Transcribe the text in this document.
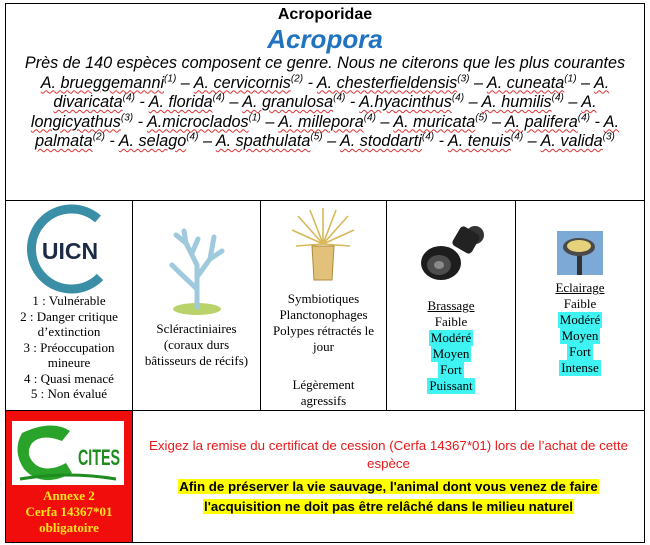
Acroporidae
Acropora
Près de 140 espèces composent ce genre. Nous ne citerons que les plus courantes
A. brueggemanni$^{(1)}$ – A. cervicornis$^{(2)}$ - A. chesterfieldensis$^{(3)}$ – A. cuneata$^{(1)}$ – A. divaricata$^{(4)}$ - A. florida$^{(4)}$ – A. granulosa$^{(4)}$ - A.hyacinthus$^{(4)}$ – A. humilis$^{(4)}$ – A. longicyathus$^{(3)}$ - A.microclados$^{(1)}$ – A. millepora$^{(4)}$ – A. muricata$^{(5)}$ – A. palifera$^{(4)}$ - A. palmata$^{(2)}$ - A. selago$^{(4)}$ – A. spathulata$^{(5)}$ – A. stoddarti$^{(4)}$ - A. tenuis$^{(4)}$ – A. valida$^{(3)}$
UICN
1 : Vulnérable
2 : Danger critique d’extinction
3 : Préoccupation mineure
4 : Quasi menacé
5 : Non évalué
Scléractiniaires (coraux durs bâtisseurs de récifs)
Symbiotiques
Planctonophages
Polypes rétractés le jour
Légèrement agressifs
Brassage
Faible
Modéré
Moyen
Fort
Puissant
Eclairage
Faible
Modéré
Moyen
Fort
Intense
CITES
Annexe 2
Cerfa 14367*01
obligatoire
Exigez la remise du certificat de cession (Cerfa 14367*01) lors de l’achat de cette espèce
Afin de préserver la vie sauvage, l'animal dont vous venez de faire
l'acquisition ne doit pas être relâché dans le milieu naturel
